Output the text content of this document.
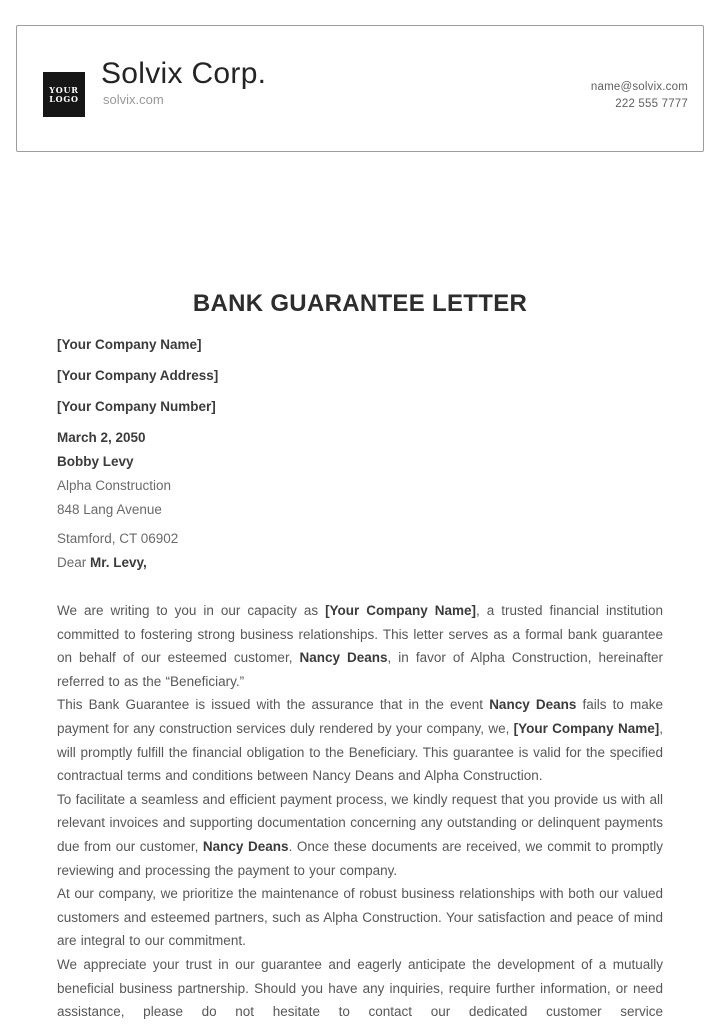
YOUR
LOGO
Solvix Corp.
solvix.com
name@solvix.com
222 555 7777
BANK GUARANTEE LETTER
[Your Company Name]
[Your Company Address]
[Your Company Number]
March 2, 2050
Bobby Levy
Alpha Construction
848 Lang Avenue
Stamford, CT 06902
Dear Mr. Levy,

We are writing to you in our capacity as [Your Company Name], a trusted financial institution committed to fostering strong business relationships. This letter serves as a formal bank guarantee on behalf of our esteemed customer, Nancy Deans, in favor of Alpha Construction, hereinafter referred to as the “Beneficiary.”

This Bank Guarantee is issued with the assurance that in the event Nancy Deans fails to make payment for any construction services duly rendered by your company, we, [Your Company Name], will promptly fulfill the financial obligation to the Beneficiary. This guarantee is valid for the specified contractual terms and conditions between Nancy Deans and Alpha Construction.

To facilitate a seamless and efficient payment process, we kindly request that you provide us with all relevant invoices and supporting documentation concerning any outstanding or delinquent payments due from our customer, Nancy Deans. Once these documents are received, we commit to promptly reviewing and processing the payment to your company.

At our company, we prioritize the maintenance of robust business relationships with both our valued customers and esteemed partners, such as Alpha Construction. Your satisfaction and peace of mind are integral to our commitment.

We appreciate your trust in our guarantee and eagerly anticipate the development of a mutually beneficial business partnership. Should you have any inquiries, require further information, or need assistance, please do not hesitate to contact our dedicated customer service
